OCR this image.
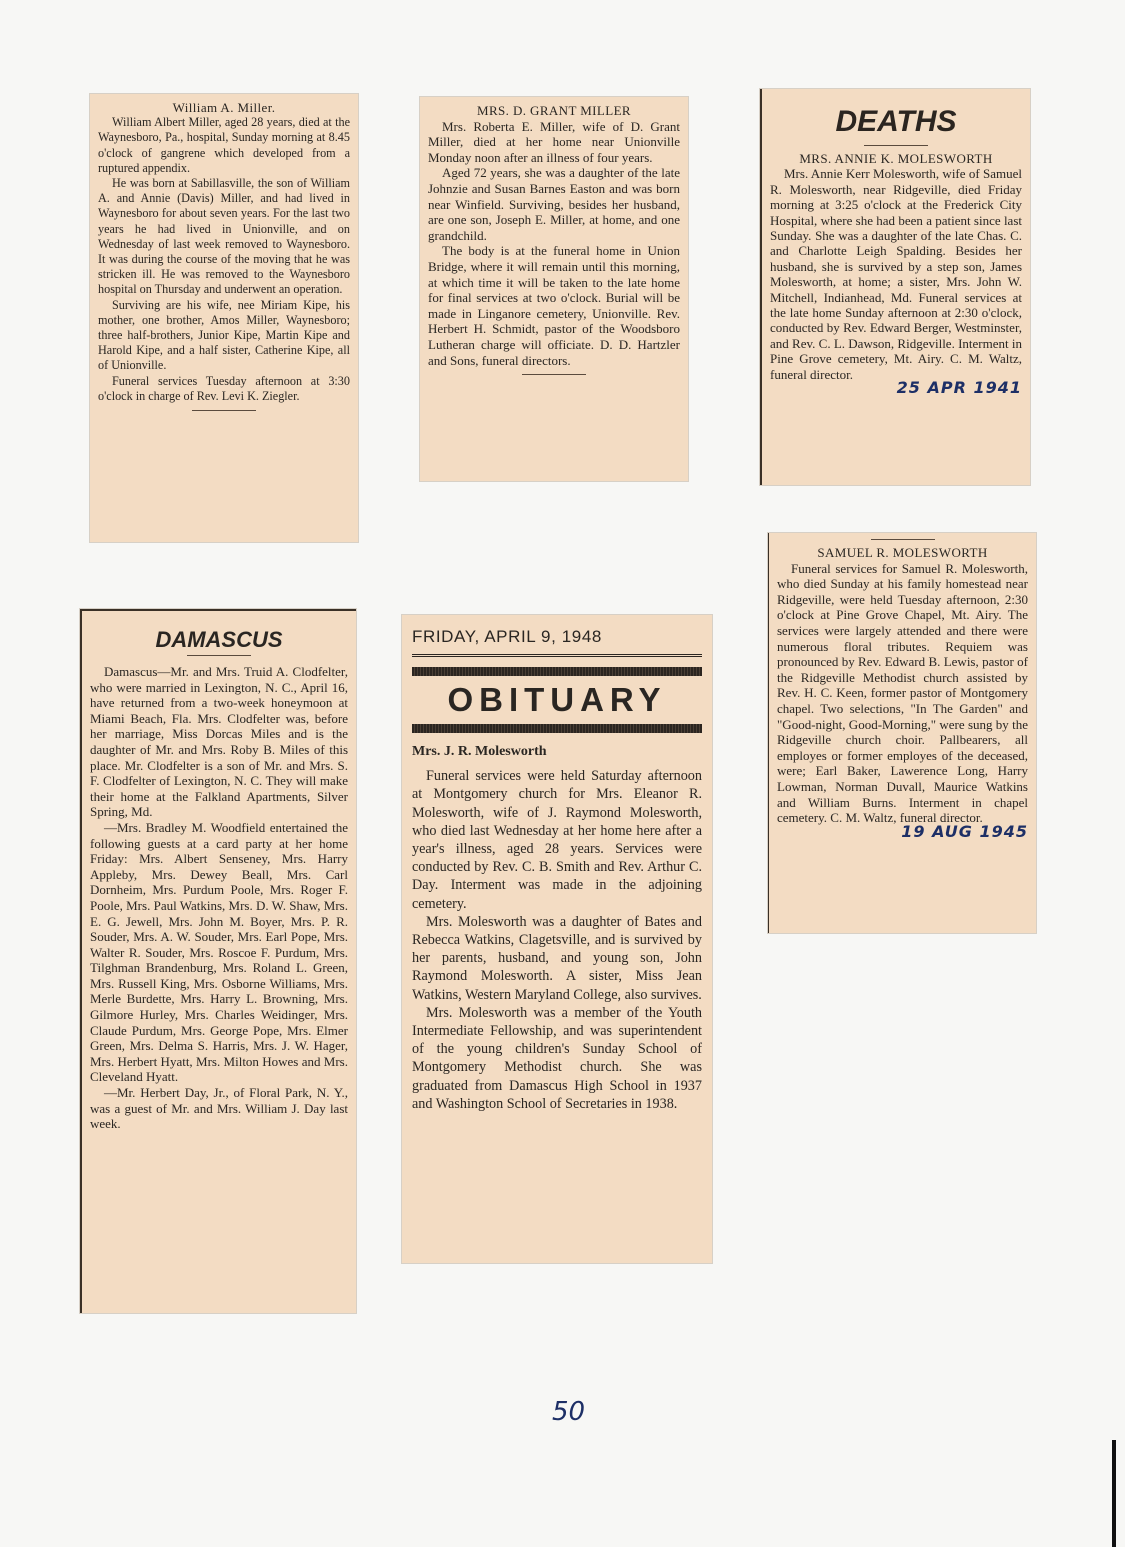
William A. Miller.

William Albert Miller, aged 28 years, died at the Waynesboro, Pa., hospital, Sunday morning at 8.45 o'clock of gangrene which developed from a ruptured appendix.

He was born at Sabillasville, the son of William A. and Annie (Davis) Miller, and had lived in Waynesboro for about seven years. For the last two years he had lived in Unionville, and on Wednesday of last week removed to Waynesboro. It was during the course of the moving that he was stricken ill. He was removed to the Waynesboro hospital on Thursday and underwent an operation.

Surviving are his wife, nee Miriam Kipe, his mother, one brother, Amos Miller, Waynesboro; three half-brothers, Junior Kipe, Martin Kipe and Harold Kipe, and a half sister, Catherine Kipe, all of Unionville.

Funeral services Tuesday afternoon at 3:30 o'clock in charge of Rev. Levi K. Ziegler.

MRS. D. GRANT MILLER

Mrs. Roberta E. Miller, wife of D. Grant Miller, died at her home near Unionville Monday noon after an illness of four years.

Aged 72 years, she was a daughter of the late Johnzie and Susan Barnes Easton and was born near Winfield. Surviving, besides her husband, are one son, Joseph E. Miller, at home, and one grandchild.

The body is at the funeral home in Union Bridge, where it will remain until this morning, at which time it will be taken to the late home for final services at two o'clock. Burial will be made in Linganore cemetery, Unionville. Rev. Herbert H. Schmidt, pastor of the Woodsboro Lutheran charge will officiate. D. D. Hartzler and Sons, funeral directors.

DEATHS

MRS. ANNIE K. MOLESWORTH

Mrs. Annie Kerr Molesworth, wife of Samuel R. Molesworth, near Ridgeville, died Friday morning at 3:25 o'clock at the Frederick City Hospital, where she had been a patient since last Sunday. She was a daughter of the late Chas. C. and Charlotte Leigh Spalding. Besides her husband, she is survived by a step son, James Molesworth, at home; a sister, Mrs. John W. Mitchell, Indianhead, Md. Funeral services at the late home Sunday afternoon at 2:30 o'clock, conducted by Rev. Edward Berger, Westminster, and Rev. C. L. Dawson, Ridgeville. Interment in Pine Grove cemetery, Mt. Airy. C. M. Waltz, funeral director.

25 APR 1941

SAMUEL R. MOLESWORTH

Funeral services for Samuel R. Molesworth, who died Sunday at his family homestead near Ridgeville, were held Tuesday afternoon, 2:30 o'clock at Pine Grove Chapel, Mt. Airy. The services were largely attended and there were numerous floral tributes. Requiem was pronounced by Rev. Edward B. Lewis, pastor of the Ridgeville Methodist church assisted by Rev. H. C. Keen, former pastor of Montgomery chapel. Two selections, "In The Garden" and "Good-night, Good-Morning," were sung by the Ridgeville church choir. Pallbearers, all employes or former employes of the deceased, were; Earl Baker, Lawerence Long, Harry Lowman, Norman Duvall, Maurice Watkins and William Burns. Interment in chapel cemetery. C. M. Waltz, funeral director.

19 AUG 1945
DAMASCUS

Damascus—Mr. and Mrs. Truid A. Clodfelter, who were married in Lexington, N. C., April 16, have returned from a two-week honeymoon at Miami Beach, Fla. Mrs. Clodfelter was, before her marriage, Miss Dorcas Miles and is the daughter of Mr. and Mrs. Roby B. Miles of this place. Mr. Clodfelter is a son of Mr. and Mrs. S. F. Clodfelter of Lexington, N. C. They will make their home at the Falkland Apartments, Silver Spring, Md.

—Mrs. Bradley M. Woodfield entertained the following guests at a card party at her home Friday: Mrs. Albert Senseney, Mrs. Harry Appleby, Mrs. Dewey Beall, Mrs. Carl Dornheim, Mrs. Purdum Poole, Mrs. Roger F. Poole, Mrs. Paul Watkins, Mrs. D. W. Shaw, Mrs. E. G. Jewell, Mrs. John M. Boyer, Mrs. P. R. Souder, Mrs. A. W. Souder, Mrs. Earl Pope, Mrs. Walter R. Souder, Mrs. Roscoe F. Purdum, Mrs. Tilghman Brandenburg, Mrs. Roland L. Green, Mrs. Russell King, Mrs. Osborne Williams, Mrs. Merle Burdette, Mrs. Harry L. Browning, Mrs. Gilmore Hurley, Mrs. Charles Weidinger, Mrs. Claude Purdum, Mrs. George Pope, Mrs. Elmer Green, Mrs. Delma S. Harris, Mrs. J. W. Hager, Mrs. Herbert Hyatt, Mrs. Milton Howes and Mrs. Cleveland Hyatt.

—Mr. Herbert Day, Jr., of Floral Park, N. Y., was a guest of Mr. and Mrs. William J. Day last week.

FRIDAY, APRIL 9, 1948
OBITUARY

Mrs. J. R. Molesworth

Funeral services were held Saturday afternoon at Montgomery church for Mrs. Eleanor R. Molesworth, wife of J. Raymond Molesworth, who died last Wednesday at her home here after a year's illness, aged 28 years. Services were conducted by Rev. C. B. Smith and Rev. Arthur C. Day. Interment was made in the adjoining cemetery.

Mrs. Molesworth was a daughter of Bates and Rebecca Watkins, Clagetsville, and is survived by her parents, husband, and young son, John Raymond Molesworth. A sister, Miss Jean Watkins, Western Maryland College, also survives.

Mrs. Molesworth was a member of the Youth Intermediate Fellowship, and was superintendent of the young children's Sunday School of Montgomery Methodist church. She was graduated from Damascus High School in 1937 and Washington School of Secretaries in 1938.

50
